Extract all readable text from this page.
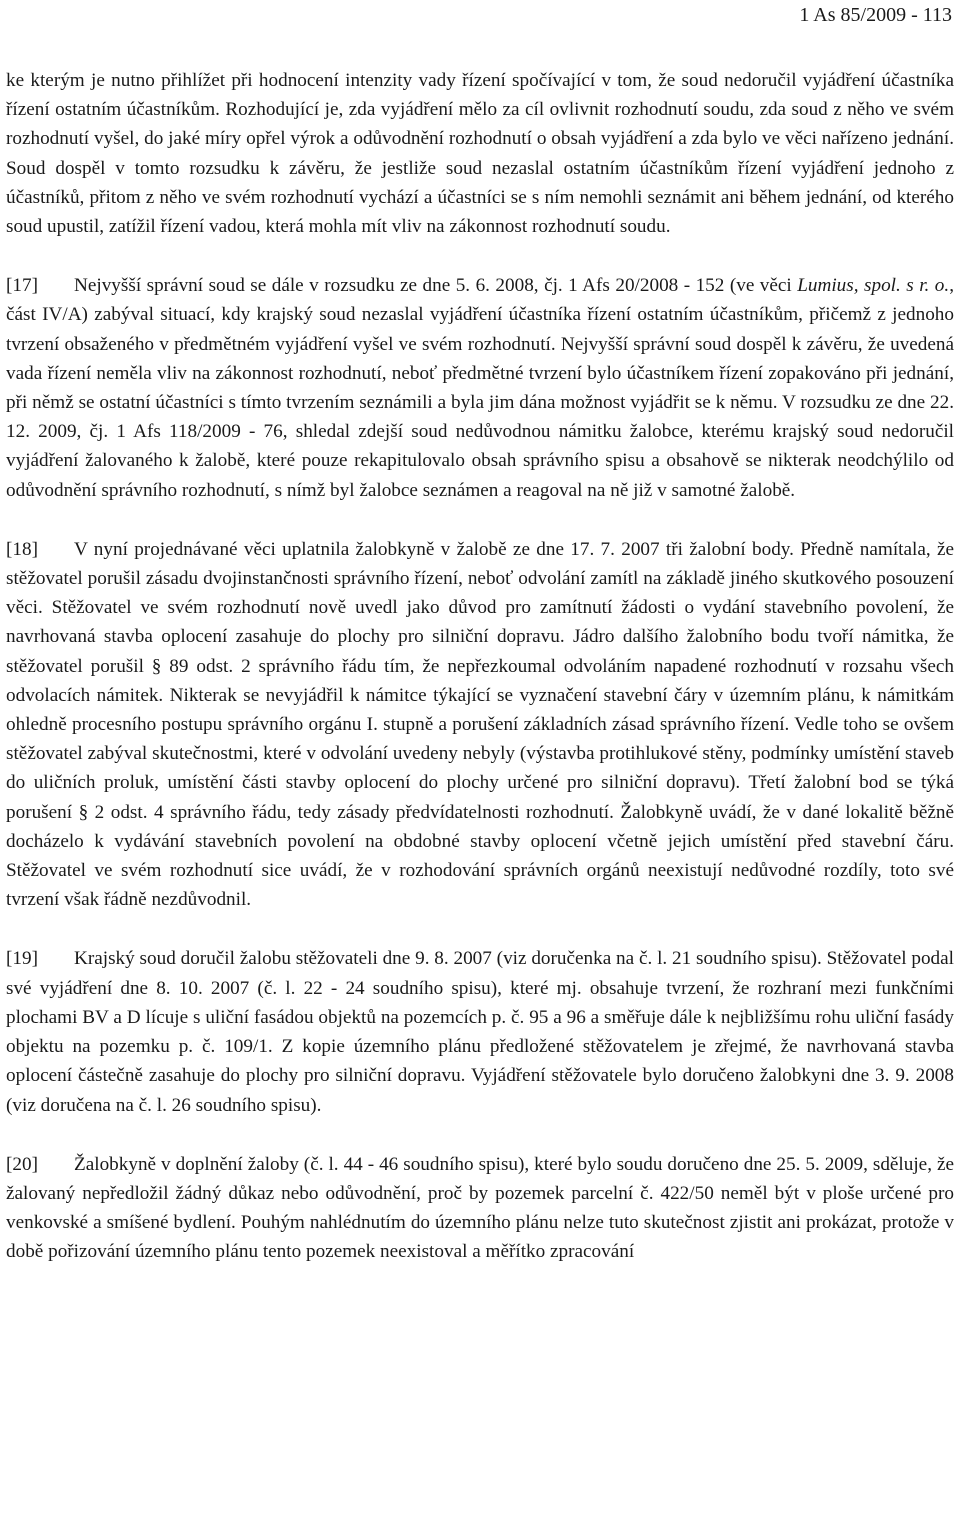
1 As 85/2009 - 113

ke kterým je nutno přihlížet při hodnocení intenzity vady řízení spočívající v tom, že soud nedoručil vyjádření účastníka řízení ostatním účastníkům. Rozhodující je, zda vyjádření mělo za cíl ovlivnit rozhodnutí soudu, zda soud z něho ve svém rozhodnutí vyšel, do jaké míry opřel výrok a odůvodnění rozhodnutí o obsah vyjádření a zda bylo ve věci nařízeno jednání. Soud dospěl v tomto rozsudku k závěru, že jestliže soud nezaslal ostatním účastníkům řízení vyjádření jednoho z účastníků, přitom z něho ve svém rozhodnutí vychází a účastníci se s ním nemohli seznámit ani během jednání, od kterého soud upustil, zatížil řízení vadou, která mohla mít vliv na zákonnost rozhodnutí soudu.

[17] Nejvyšší správní soud se dále v rozsudku ze dne 5. 6. 2008, čj. 1 Afs 20/2008 - 152 (ve věci Lumius, spol. s r. o., část IV/A) zabýval situací, kdy krajský soud nezaslal vyjádření účastníka řízení ostatním účastníkům, přičemž z jednoho tvrzení obsaženého v předmětném vyjádření vyšel ve svém rozhodnutí. Nejvyšší správní soud dospěl k závěru, že uvedená vada řízení neměla vliv na zákonnost rozhodnutí, neboť předmětné tvrzení bylo účastníkem řízení zopakováno při jednání, při němž se ostatní účastníci s tímto tvrzením seznámili a byla jim dána možnost vyjádřit se k němu. V rozsudku ze dne 22. 12. 2009, čj. 1 Afs 118/2009 - 76, shledal zdejší soud nedůvodnou námitku žalobce, kterému krajský soud nedoručil vyjádření žalovaného k žalobě, které pouze rekapitulovalo obsah správního spisu a obsahově se nikterak neodchýlilo od odůvodnění správního rozhodnutí, s nímž byl žalobce seznámen a reagoval na ně již v samotné žalobě.

[18] V nyní projednávané věci uplatnila žalobkyně v žalobě ze dne 17. 7. 2007 tři žalobní body. Předně namítala, že stěžovatel porušil zásadu dvojinstančnosti správního řízení, neboť odvolání zamítl na základě jiného skutkového posouzení věci. Stěžovatel ve svém rozhodnutí nově uvedl jako důvod pro zamítnutí žádosti o vydání stavebního povolení, že navrhovaná stavba oplocení zasahuje do plochy pro silniční dopravu. Jádro dalšího žalobního bodu tvoří námitka, že stěžovatel porušil § 89 odst. 2 správního řádu tím, že nepřezkoumal odvoláním napadené rozhodnutí v rozsahu všech odvolacích námitek. Nikterak se nevyjádřil k námitce týkající se vyznačení stavební čáry v územním plánu, k námitkám ohledně procesního postupu správního orgánu I. stupně a porušení základních zásad správního řízení. Vedle toho se ovšem stěžovatel zabýval skutečnostmi, které v odvolání uvedeny nebyly (výstavba protihlukové stěny, podmínky umístění staveb do uličních proluk, umístění části stavby oplocení do plochy určené pro silniční dopravu). Třetí žalobní bod se týká porušení § 2 odst. 4 správního řádu, tedy zásady předvídatelnosti rozhodnutí. Žalobkyně uvádí, že v dané lokalitě běžně docházelo k vydávání stavebních povolení na obdobné stavby oplocení včetně jejich umístění před stavební čáru. Stěžovatel ve svém rozhodnutí sice uvádí, že v rozhodování správních orgánů neexistují nedůvodné rozdíly, toto své tvrzení však řádně nezdůvodnil.

[19] Krajský soud doručil žalobu stěžovateli dne 9. 8. 2007 (viz doručenka na č. l. 21 soudního spisu). Stěžovatel podal své vyjádření dne 8. 10. 2007 (č. l. 22 - 24 soudního spisu), které mj. obsahuje tvrzení, že rozhraní mezi funkčními plochami BV a D lícuje s uliční fasádou objektů na pozemcích p. č. 95 a 96 a směřuje dále k nejbližšímu rohu uliční fasády objektu na pozemku p. č. 109/1. Z kopie územního plánu předložené stěžovatelem je zřejmé, že navrhovaná stavba oplocení částečně zasahuje do plochy pro silniční dopravu. Vyjádření stěžovatele bylo doručeno žalobkyni dne 3. 9. 2008 (viz doručena na č. l. 26 soudního spisu).

[20] Žalobkyně v doplnění žaloby (č. l. 44 - 46 soudního spisu), které bylo soudu doručeno dne 25. 5. 2009, sděluje, že žalovaný nepředložil žádný důkaz nebo odůvodnění, proč by pozemek parcelní č. 422/50 neměl být v ploše určené pro venkovské a smíšené bydlení. Pouhým nahlédnutím do územního plánu nelze tuto skutečnost zjistit ani prokázat, protože v době pořizování územního plánu tento pozemek neexistoval a měřítko zpracování
